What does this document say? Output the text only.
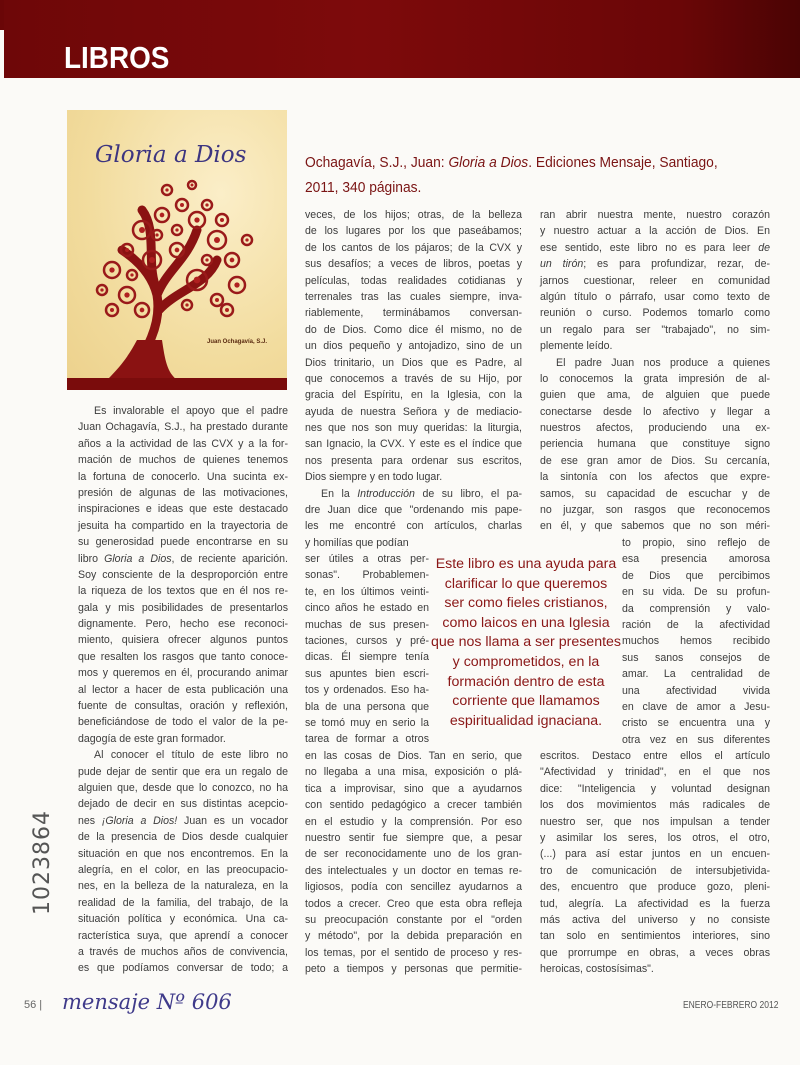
LIBROS
Gloria a Dios
Juan Ochagavía, S.J.
Ochagavía, S.J., Juan: Gloria a Dios. Ediciones Mensaje, Santiago,
2011, 340 páginas.
Es invalorable el apoyo que el padre
Juan Ochagavía, S.J., ha prestado durante
años a la actividad de las CVX y a la for-
mación de muchos de quienes tenemos
la fortuna de conocerlo. Una sucinta ex-
presión de algunas de las motivaciones,
inspiraciones e ideas que este destacado
jesuita ha compartido en la trayectoria de
su generosidad puede encontrarse en su
libro Gloria a Dios, de reciente aparición.
Soy consciente de la desproporción entre
la riqueza de los textos que en él nos re-
gala y mis posibilidades de presentarlos
dignamente. Pero, hecho ese reconoci-
miento, quisiera ofrecer algunos puntos
que resalten los rasgos que tanto conoce-
mos y queremos en él, procurando animar
al lector a hacer de esta publicación una
fuente de consultas, oración y reflexión,
beneficiándose de todo el valor de la pe-
dagogía de este gran formador.
Al conocer el título de este libro no
pude dejar de sentir que era un regalo de
alguien que, desde que lo conozco, no ha
dejado de decir en sus distintas acepcio-
nes ¡Gloria a Dios! Juan es un vocador
de la presencia de Dios desde cualquier
situación en que nos encontremos. En la
alegría, en el color, en las preocupacio-
nes, en la belleza de la naturaleza, en la
realidad de la familia, del trabajo, de la
situación política y económica. Una ca-
racterística suya, que aprendí a conocer
a través de muchos años de convivencia,
es que podíamos conversar de todo; a
veces, de los hijos; otras, de la belleza
de los lugares por los que paseábamos;
de los cantos de los pájaros; de la CVX y
sus desafíos; a veces de libros, poetas y
películas, todas realidades cotidianas y
terrenales tras las cuales siempre, inva-
riablemente, terminábamos conversan-
do de Dios. Como dice él mismo, no de
un dios pequeño y antojadizo, sino de un
Dios trinitario, un Dios que es Padre, al
que conocemos a través de su Hijo, por
gracia del Espíritu, en la Iglesia, con la
ayuda de nuestra Señora y de mediacio-
nes que nos son muy queridas: la liturgia,
san Ignacio, la CVX. Y este es el índice que
nos presenta para ordenar sus escritos,
Dios siempre y en todo lugar.
En la Introducción de su libro, el pa-
dre Juan dice que "ordenando mis pape-
les me encontré con artículos, charlas
y homilías que podían
ser útiles a otras per-
sonas". Probablemen-
te, en los últimos veinti-
cinco años he estado en
muchas de sus presen-
taciones, cursos y pré-
dicas. Él siempre tenía
sus apuntes bien escri-
tos y ordenados. Eso ha-
bla de una persona que
se tomó muy en serio la
tarea de formar a otros
en las cosas de Dios. Tan en serio, que
no llegaba a una misa, exposición o plá-
tica a improvisar, sino que a ayudarnos
con sentido pedagógico a crecer también
en el estudio y la comprensión. Por eso
nuestro sentir fue siempre que, a pesar
de ser reconocidamente uno de los gran-
des intelectuales y un doctor en temas re-
ligiosos, podía con sencillez ayudarnos a
todos a crecer. Creo que esta obra refleja
su preocupación constante por el "orden
y método", por la debida preparación en
los temas, por el sentido de proceso y res-
peto a tiempos y personas que permitie-
ran abrir nuestra mente, nuestro corazón
y nuestro actuar a la acción de Dios. En
ese sentido, este libro no es para leer de
un tirón; es para profundizar, rezar, de-
jarnos cuestionar, releer en comunidad
algún título o párrafo, usar como texto de
reunión o curso. Podemos tomarlo como
un regalo para ser "trabajado", no sim-
plemente leído.
El padre Juan nos produce a quienes
lo conocemos la grata impresión de al-
guien que ama, de alguien que puede
conectarse desde lo afectivo y llegar a
nuestros afectos, produciendo una ex-
periencia humana que constituye signo
de ese gran amor de Dios. Su cercanía,
la sintonía con los afectos que expre-
samos, su capacidad de escuchar y de
no juzgar, son rasgos que reconocemos
en él, y que sabemos que no son méri-
to propio, sino reflejo de
esa presencia amorosa
de Dios que percibimos
en su vida. De su profun-
da comprensión y valo-
ración de la afectividad
muchos hemos recibido
sus sanos consejos de
amar. La centralidad de
una afectividad vivida
en clave de amor a Jesu-
cristo se encuentra una y
otra vez en sus diferentes
escritos. Destaco entre ellos el artículo
"Afectividad y trinidad", en el que nos
dice: "Inteligencia y voluntad designan
los dos movimientos más radicales de
nuestro ser, que nos impulsan a tender
y asimilar los seres, los otros, el otro,
(...) para así estar juntos en un encuen-
tro de comunicación de intersubjetivida-
des, encuentro que produce gozo, pleni-
tud, alegría. La afectividad es la fuerza
más activa del universo y no consiste
tan solo en sentimientos interiores, sino
que prorrumpe en obras, a veces obras
heroicas, costosísimas".
Este libro es una ayuda para
clarificar lo que queremos
ser como fieles cristianos,
como laicos en una Iglesia
que nos llama a ser presentes
y comprometidos, en la
formación dentro de esta
corriente que llamamos
espiritualidad ignaciana.
1023864
56 | mensaje Nº 606	ENERO-FEBRERO 2012
